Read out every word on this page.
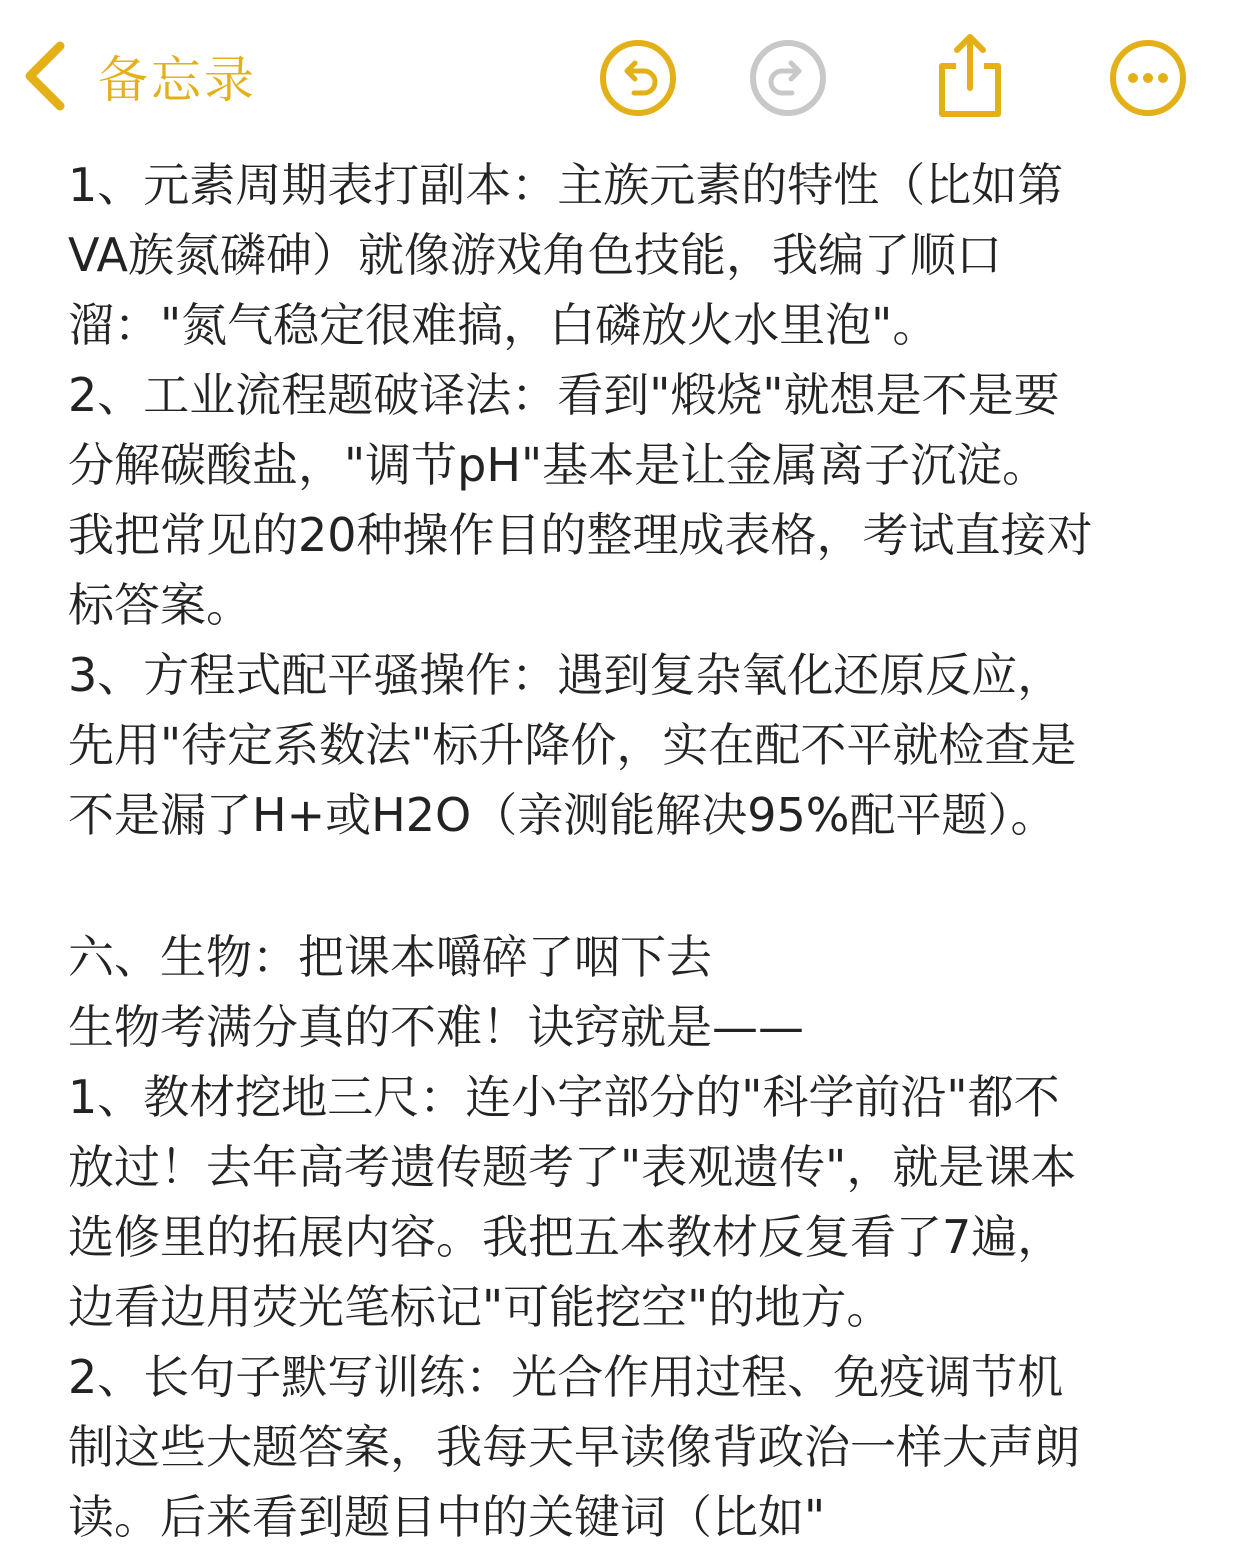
备忘录
1、元素周期表打副本：主族元素的特性（比如第
VA族氮磷砷）就像游戏角色技能，我编了顺口
溜："氮气稳定很难搞，白磷放火水里泡"。
2、工业流程题破译法：看到"煅烧"就想是不是要
分解碳酸盐，"调节pH"基本是让金属离子沉淀。
我把常见的20种操作目的整理成表格，考试直接对
标答案。
3、方程式配平骚操作：遇到复杂氧化还原反应，
先用"待定系数法"标升降价，实在配不平就检查是
不是漏了H+或H2O（亲测能解决95%配平题）。
六、生物：把课本嚼碎了咽下去
生物考满分真的不难！诀窍就是——
1、教材挖地三尺：连小字部分的"科学前沿"都不
放过！去年高考遗传题考了"表观遗传"，就是课本
选修里的拓展内容。我把五本教材反复看了7遍，
边看边用荧光笔标记"可能挖空"的地方。
2、长句子默写训练：光合作用过程、免疫调节机
制这些大题答案，我每天早读像背政治一样大声朗
读。后来看到题目中的关键词（比如"
